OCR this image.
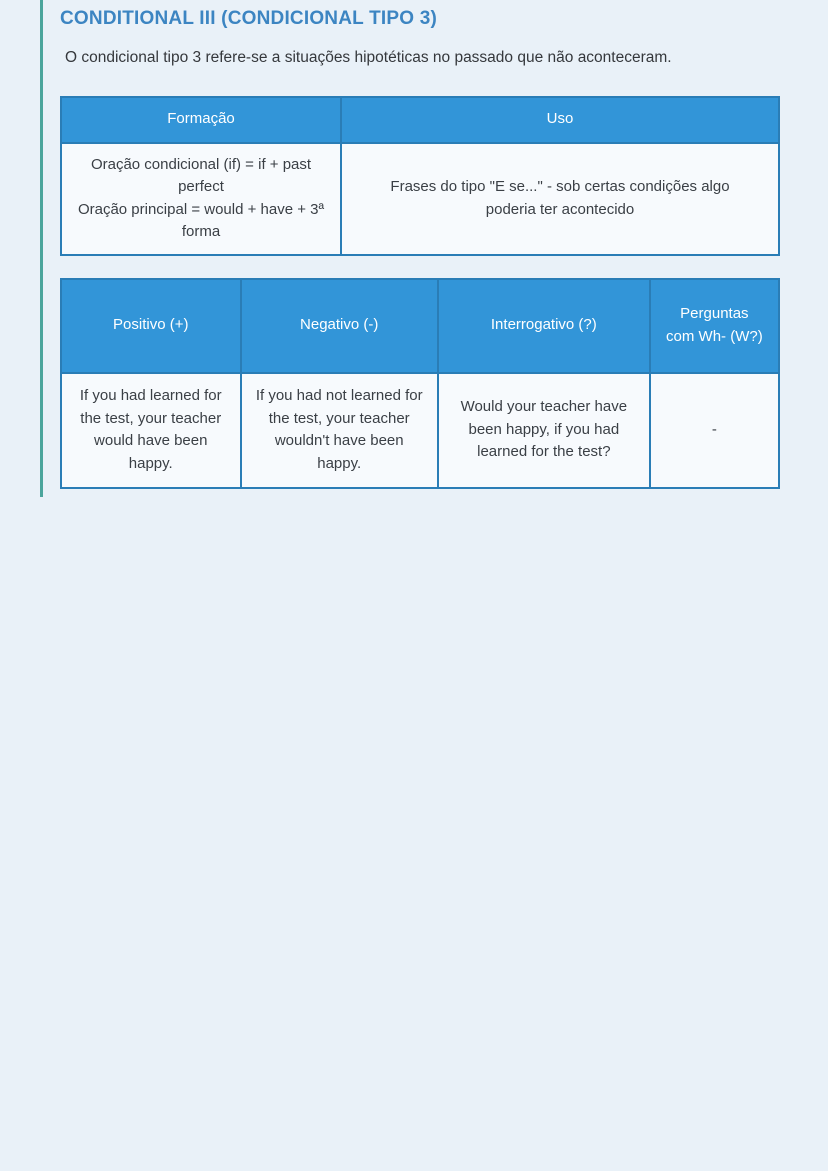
CONDITIONAL III (CONDICIONAL TIPO 3)

O condicional tipo 3 refere-se a situações hipotéticas no passado que não aconteceram.

Formação	Uso

Oração condicional (if) = if + past perfect
Oração principal = would + have + 3ª forma	Frases do tipo "E se..." - sob certas condições algo poderia ter acontecido
Positivo (+)	Negativo (-)	Interrogativo (?)	Perguntas com Wh- (W?)
If you had learned for the test, your teacher would have been happy.	If you had not learned for the test, your teacher wouldn't have been happy.	Would your teacher have been happy, if you had learned for the test?	-
